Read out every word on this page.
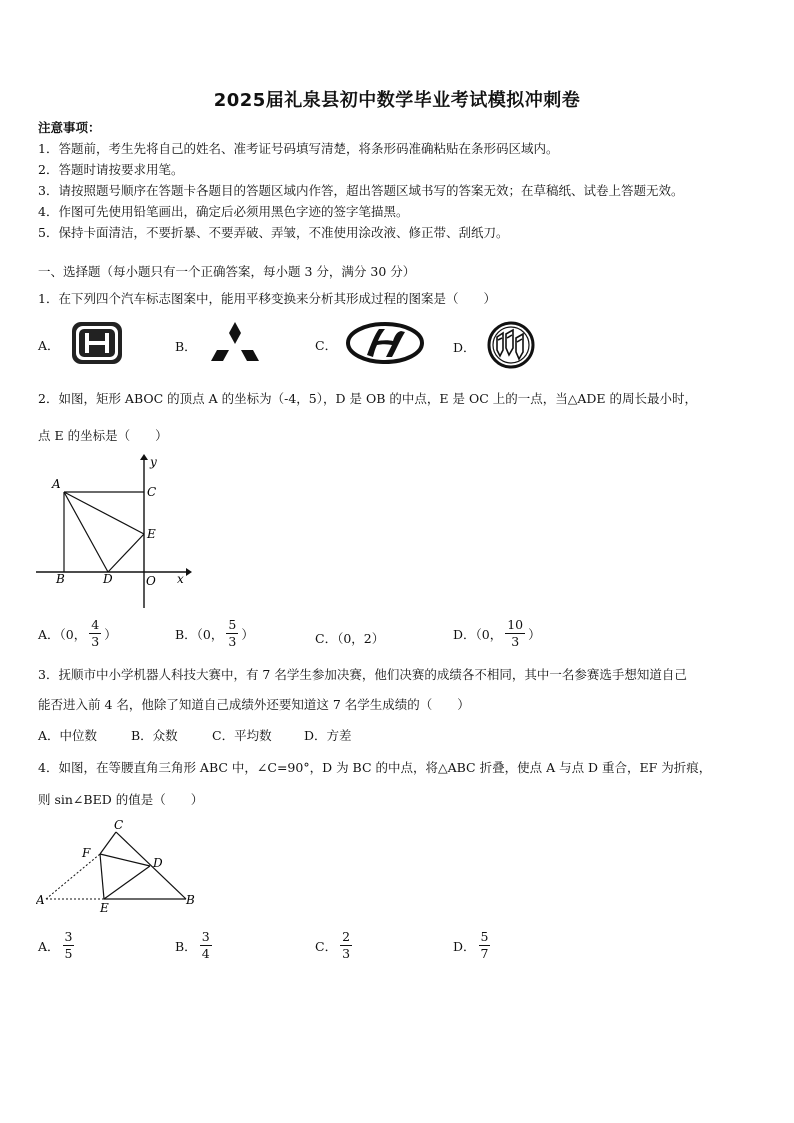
2025届礼泉县初中数学毕业考试模拟冲刺卷
注意事项：
1．答题前，考生先将自己的姓名、准考证号码填写清楚，将条形码准确粘贴在条形码区域内。
2．答题时请按要求用笔。
3．请按照题号顺序在答题卡各题目的答题区域内作答，超出答题区域书写的答案无效；在草稿纸、试卷上答题无效。
4．作图可先使用铅笔画出，确定后必须用黑色字迹的签字笔描黑。
5．保持卡面清洁，不要折暴、不要弄破、弄皱，不准使用涂改液、修正带、刮纸刀。
一、选择题（每小题只有一个正确答案，每小题 3 分，满分 30 分）
1．在下列四个汽车标志图案中，能用平移变换来分析其形成过程的图案是（　　）
A．	B．	C．	D．
2．如图，矩形 ABOC 的顶点 A 的坐标为（-4，5），D 是 OB 的中点，E 是 OC 上的一点，当△ADE 的周长最小时，
点 E 的坐标是（　　）
A
B
C
D
E
O x
y
A．（0， $\frac{4}{3}$ ）	B．（0， $\frac{5}{3}$ ）	C．（0，2）	D．（0， $\frac{10}{3}$ ）
3．抚顺市中小学机器人科技大赛中，有 7 名学生参加决赛，他们决赛的成绩各不相同，其中一名参赛选手想知道自己
能否进入前 4 名，他除了知道自己成绩外还要知道这 7 名学生成绩的（　　）
A．中位数	B．众数	C．平均数	D．方差
4．如图，在等腰直角三角形 ABC 中，∠C=90°，D 为 BC 的中点，将△ABC 折叠，使点 A 与点 D 重合，EF 为折痕，
则 sin∠BED 的值是（　　）
A	B
C
D
E
F
A． $\frac{3}{5}$	B． $\frac{3}{4}$	C． $\frac{2}{3}$	D． $\frac{5}{7}$
